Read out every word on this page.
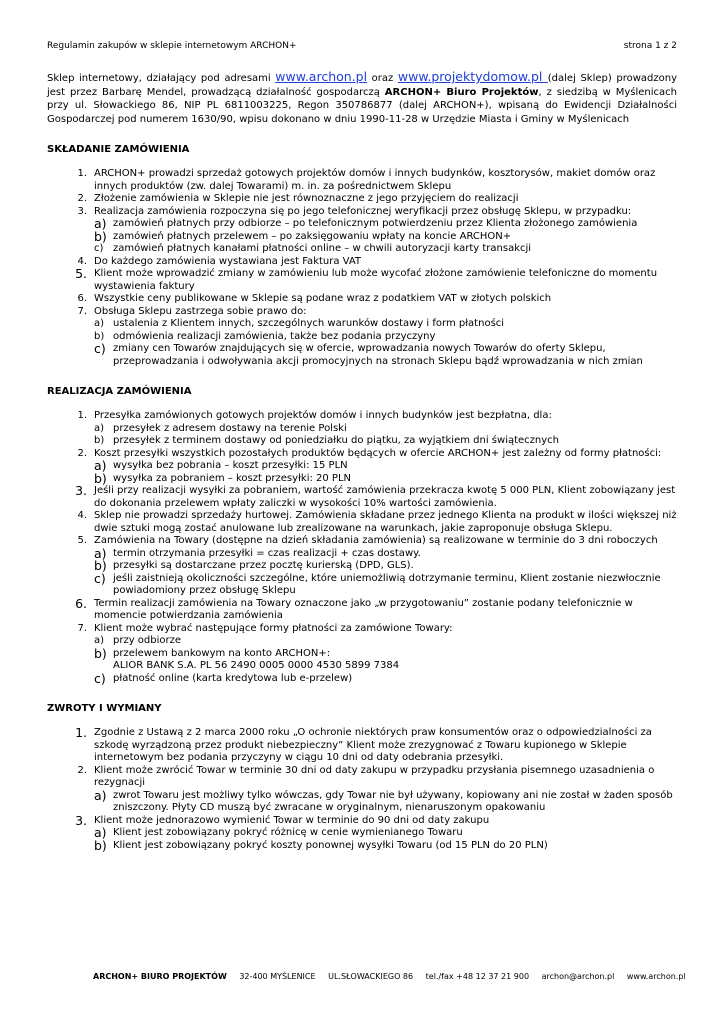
Regulamin zakupów w sklepie internetowym ARCHON+	strona 1 z 2

Sklep internetowy, działający pod adresami www.archon.pl oraz www.projektydomow.pl (dalej Sklep) prowadzony jest przez Barbarę Mendel, prowadzącą działalność gospodarczą ARCHON+ Biuro Projektów, z siedzibą w Myślenicach przy ul. Słowackiego 86, NIP PL 6811003225, Regon 350786877 (dalej ARCHON+), wpisaną do Ewidencji Działalności Gospodarczej pod numerem 1630/90, wpisu dokonano w dniu 1990-11-28 w Urzędzie Miasta i Gminy w Myślenicach

SKŁADANIE ZAMÓWIENIA
1. ARCHON+ prowadzi sprzedaż gotowych projektów domów i innych budynków, kosztorysów, makiet domów oraz innych produktów (zw. dalej Towarami) m. in. za pośrednictwem Sklepu
2. Złożenie zamówienia w Sklepie nie jest równoznaczne z jego przyjęciem do realizacji
3. Realizacja zamówienia rozpoczyna się po jego telefonicznej weryfikacji przez obsługę Sklepu, w przypadku:
a) zamówień płatnych przy odbiorze – po telefonicznym potwierdzeniu przez Klienta złożonego zamówienia
b) zamówień płatnych przelewem – po zaksięgowaniu wpłaty na koncie ARCHON+
c) zamówień płatnych kanałami płatności online – w chwili autoryzacji karty transakcji
4. Do każdego zamówienia wystawiana jest Faktura VAT
5. Klient może wprowadzić zmiany w zamówieniu lub może wycofać złożone zamówienie telefoniczne do momentu wystawienia faktury
6. Wszystkie ceny publikowane w Sklepie są podane wraz z podatkiem VAT w złotych polskich
7. Obsługa Sklepu zastrzega sobie prawo do:
a) ustalenia z Klientem innych, szczególnych warunków dostawy i form płatności
b) odmówienia realizacji zamówienia, także bez podania przyczyny
c) zmiany cen Towarów znajdujących się w ofercie, wprowadzania nowych Towarów do oferty Sklepu, przeprowadzania i odwoływania akcji promocyjnych na stronach Sklepu bądź wprowadzania w nich zmian
REALIZACJA ZAMÓWIENIA
1. Przesyłka zamówionych gotowych projektów domów i innych budynków jest bezpłatna, dla:
a) przesyłek z adresem dostawy na terenie Polski
b) przesyłek z terminem dostawy od poniedziałku do piątku, za wyjątkiem dni świątecznych
2. Koszt przesyłki wszystkich pozostałych produktów będących w ofercie ARCHON+ jest zależny od formy płatności:
a) wysyłka bez pobrania – koszt przesyłki: 15 PLN
b) wysyłka za pobraniem – koszt przesyłki: 20 PLN
3. Jeśli przy realizacji wysyłki za pobraniem, wartość zamówienia przekracza kwotę 5 000 PLN, Klient zobowiązany jest do dokonania przelewem wpłaty zaliczki w wysokości 10% wartości zamówienia.
4. Sklep nie prowadzi sprzedaży hurtowej. Zamówienia składane przez jednego Klienta na produkt w ilości większej niż dwie sztuki mogą zostać anulowane lub zrealizowane na warunkach, jakie zaproponuje obsługa Sklepu.
5. Zamówienia na Towary (dostępne na dzień składania zamówienia) są realizowane w terminie do 3 dni roboczych
a) termin otrzymania przesyłki = czas realizacji + czas dostawy.
b) przesyłki są dostarczane przez pocztę kurierską (DPD, GLS).
c) jeśli zaistnieją okoliczności szczególne, które uniemożliwią dotrzymanie terminu, Klient zostanie niezwłocznie powiadomiony przez obsługę Sklepu
6. Termin realizacji zamówienia na Towary oznaczone jako „w przygotowaniu” zostanie podany telefonicznie w momencie potwierdzania zamówienia
7. Klient może wybrać następujące formy płatności za zamówione Towary:
a) przy odbiorze
b) przelewem bankowym na konto ARCHON+:
ALIOR BANK S.A. PL 56 2490 0005 0000 4530 5899 7384
c) płatność online (karta kredytowa lub e-przelew)
ZWROTY I WYMIANY
1. Zgodnie z Ustawą z 2 marca 2000 roku „O ochronie niektórych praw konsumentów oraz o odpowiedzialności za szkodę wyrządzoną przez produkt niebezpieczny” Klient może zrezygnować z Towaru kupionego w Sklepie internetowym bez podania przyczyny w ciągu 10 dni od daty odebrania przesyłki.
2. Klient może zwrócić Towar w terminie 30 dni od daty zakupu w przypadku przysłania pisemnego uzasadnienia o rezygnacji
a) zwrot Towaru jest możliwy tylko wówczas, gdy Towar nie był używany, kopiowany ani nie został w żaden sposób zniszczony. Płyty CD muszą być zwracane w oryginalnym, nienaruszonym opakowaniu
3. Klient może jednorazowo wymienić Towar w terminie do 90 dni od daty zakupu
a) Klient jest zobowiązany pokryć różnicę w cenie wymienianego Towaru
b) Klient jest zobowiązany pokryć koszty ponownej wysyłki Towaru (od 15 PLN do 20 PLN)
ARCHON+ BIURO PROJEKTÓW 32-400 MYŚLENICE UL.SŁOWACKIEGO 86 tel./fax +48 12 37 21 900 archon@archon.pl www.archon.pl
